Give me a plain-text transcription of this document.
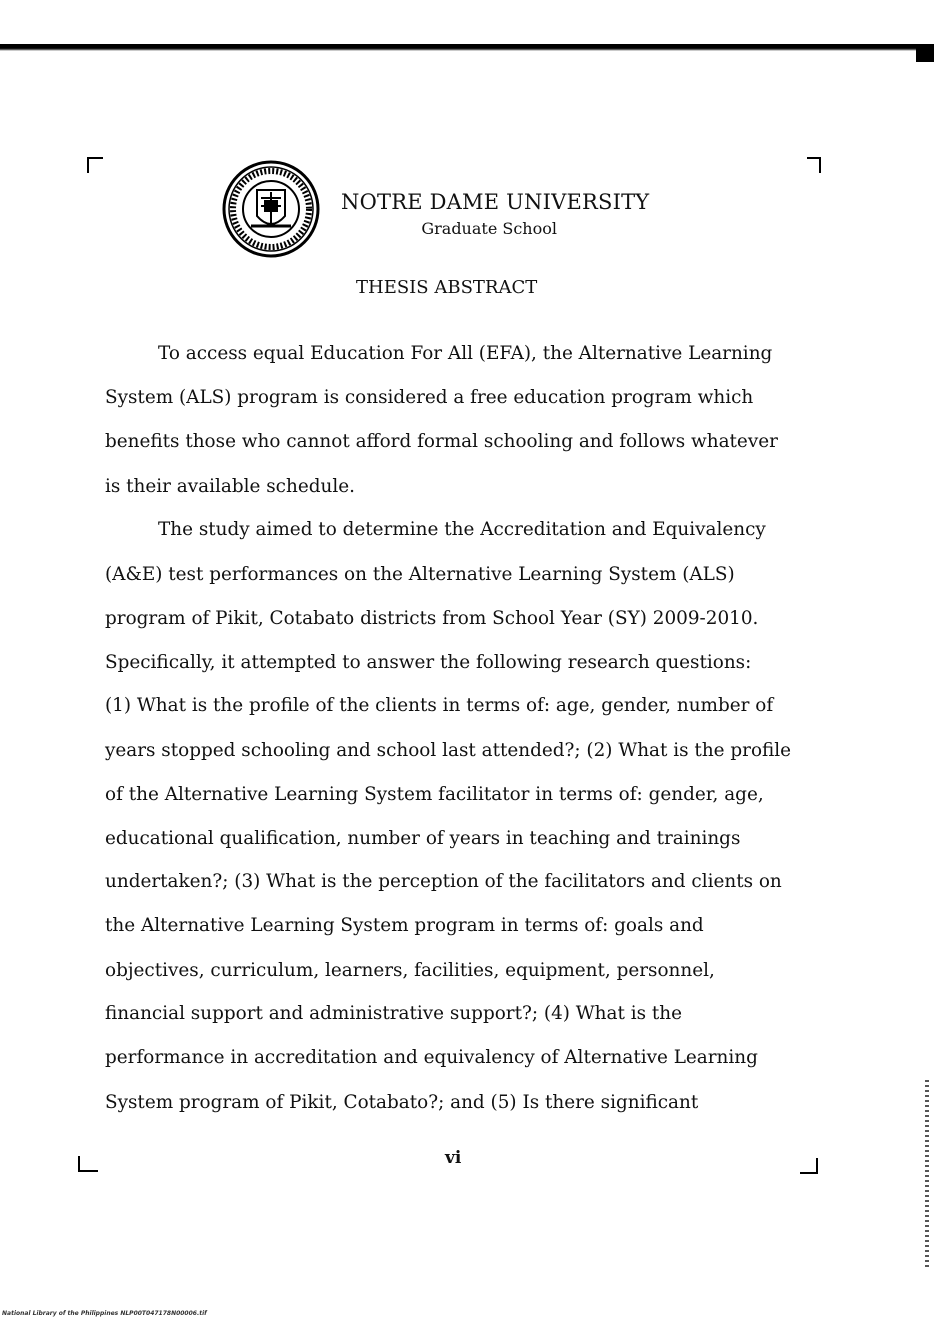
NOTRE DAME UNIVERSITY
Graduate School
THESIS ABSTRACT
To access equal Education For All (EFA), the Alternative Learning
System (ALS) program is considered a free education program which
benefits those who cannot afford formal schooling and follows whatever
is their available schedule.
The study aimed to determine the Accreditation and Equivalency
(A&E) test performances on the Alternative Learning System (ALS)
program of Pikit, Cotabato districts from School Year (SY) 2009-2010.
Specifically, it attempted to answer the following research questions:
(1) What is the profile of the clients in terms of: age, gender, number of
years stopped schooling and school last attended?; (2) What is the profile
of the Alternative Learning System facilitator in terms of: gender, age,
educational qualification, number of years in teaching and trainings
undertaken?; (3) What is the perception of the facilitators and clients on
the Alternative Learning System program in terms of: goals and
objectives, curriculum, learners, facilities, equipment, personnel,
financial support and administrative support?; (4) What is the
performance in accreditation and equivalency of Alternative Learning
System program of Pikit, Cotabato?; and (5) Is there significant
vi
National Library of the Philippines NLP00T047178N00006.tif
